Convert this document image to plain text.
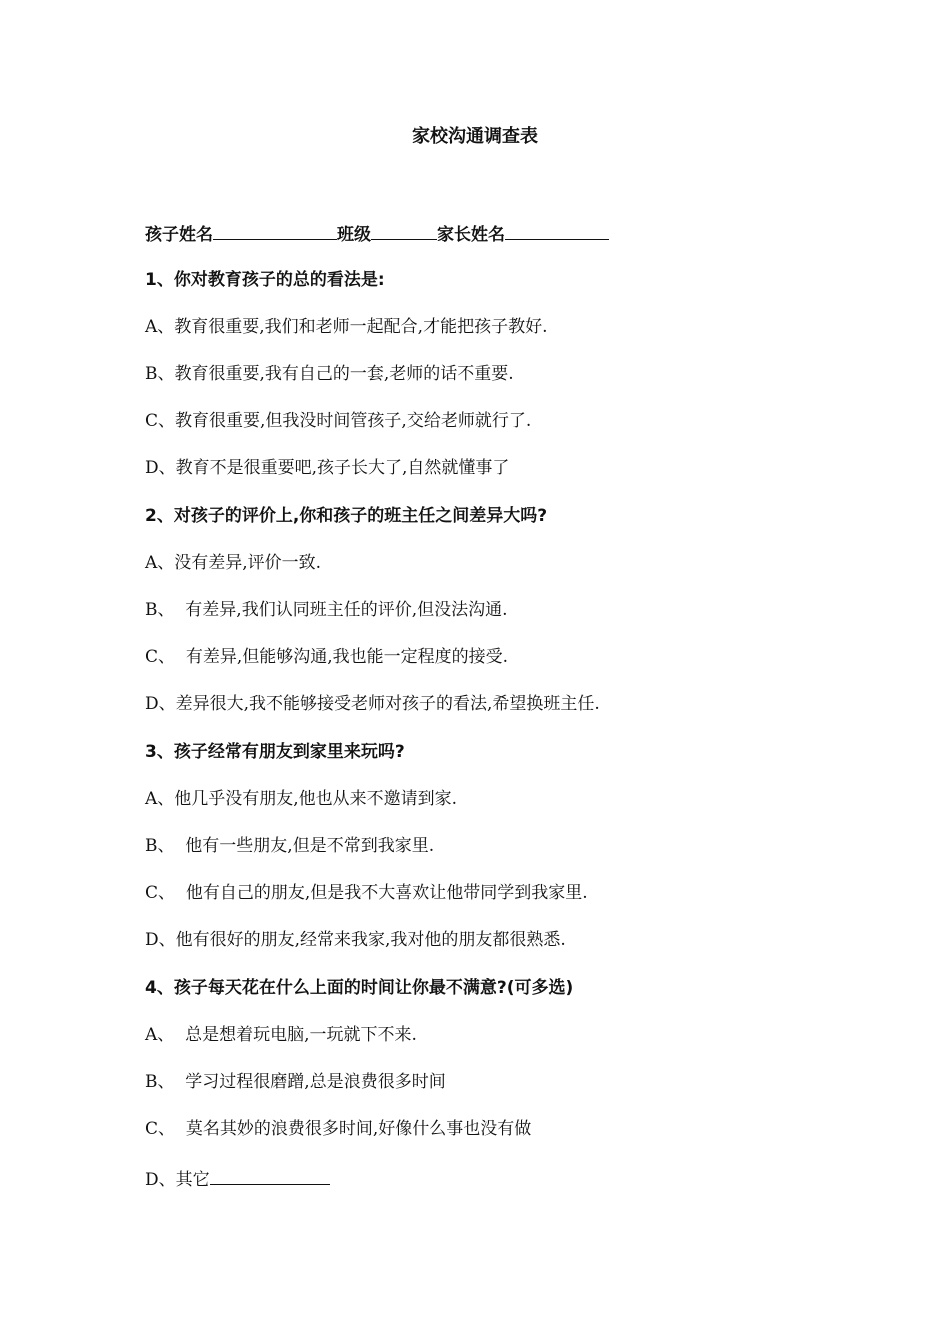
家校沟通调查表
孩子姓名	班级	家长姓名
1、你对教育孩子的总的看法是:
A、教育很重要,我们和老师一起配合,才能把孩子教好.
B、教育很重要,我有自己的一套,老师的话不重要.
C、教育很重要,但我没时间管孩子,交给老师就行了.
D、教育不是很重要吧,孩子长大了,自然就懂事了
2、对孩子的评价上,你和孩子的班主任之间差异大吗?
A、没有差异,评价一致.
B、  有差异,我们认同班主任的评价,但没法沟通.
C、  有差异,但能够沟通,我也能一定程度的接受.
D、差异很大,我不能够接受老师对孩子的看法,希望换班主任.
3、孩子经常有朋友到家里来玩吗?
A、他几乎没有朋友,他也从来不邀请到家.
B、  他有一些朋友,但是不常到我家里.
C、  他有自己的朋友,但是我不大喜欢让他带同学到我家里.
D、他有很好的朋友,经常来我家,我对他的朋友都很熟悉.
4、孩子每天花在什么上面的时间让你最不满意?(可多选)
A、  总是想着玩电脑,一玩就下不来.
B、  学习过程很磨蹭,总是浪费很多时间
C、  莫名其妙的浪费很多时间,好像什么事也没有做
D、其它
